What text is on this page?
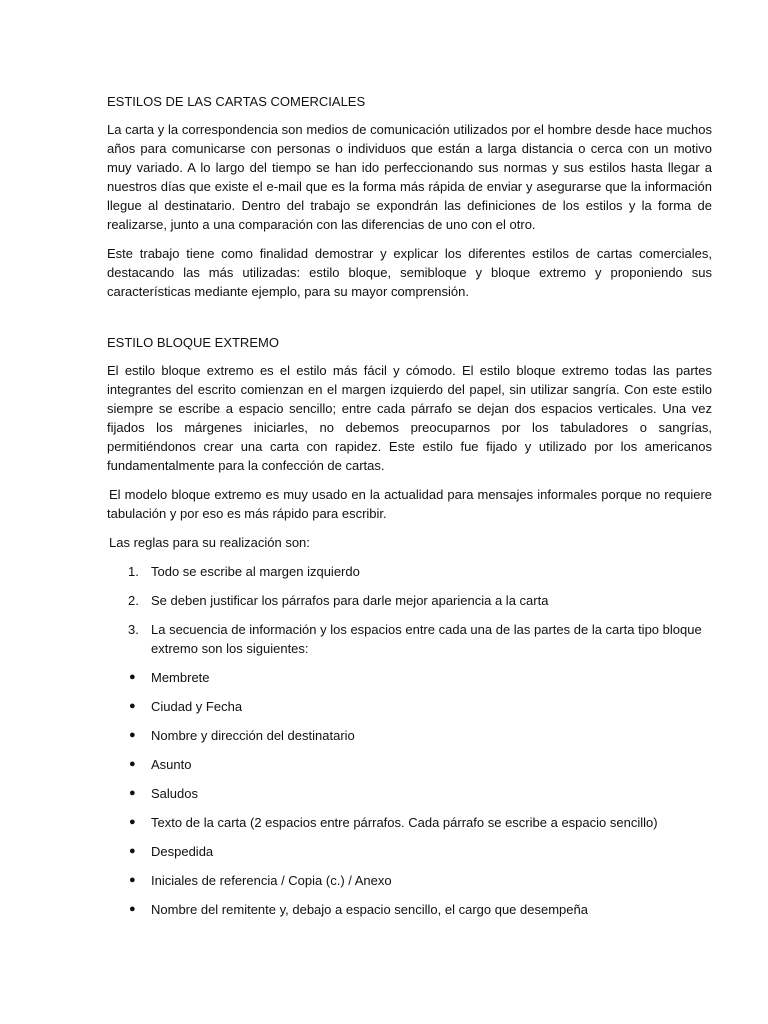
ESTILOS DE LAS CARTAS COMERCIALES

La carta y la correspondencia son medios de comunicación utilizados por el hombre desde hace muchos años para comunicarse con personas o individuos que están a larga distancia o cerca con un motivo muy variado. A lo largo del tiempo se han ido perfeccionando sus normas y sus estilos hasta llegar a nuestros días que existe el e-mail que es la forma más rápida de enviar y asegurarse que la información llegue al destinatario. Dentro del trabajo se expondrán las definiciones de los estilos y la forma de realizarse, junto a una comparación con las diferencias de uno con el otro.

Este trabajo tiene como finalidad demostrar y explicar los diferentes estilos de cartas comerciales, destacando las más utilizadas: estilo bloque, semibloque y bloque extremo y proponiendo sus características mediante ejemplo, para su mayor comprensión.

ESTILO BLOQUE EXTREMO

El estilo bloque extremo es el estilo más fácil y cómodo. El estilo bloque extremo todas las partes integrantes del escrito comienzan en el margen izquierdo del papel, sin utilizar sangría. Con este estilo siempre se escribe a espacio sencillo; entre cada párrafo se dejan dos espacios verticales. Una vez fijados los márgenes iniciarles, no debemos preocuparnos por los tabuladores o sangrías, permitiéndonos crear una carta con rapidez. Este estilo fue fijado y utilizado por los americanos fundamentalmente para la confección de cartas.

El modelo bloque extremo es muy usado en la actualidad para mensajes informales porque no requiere tabulación y por eso es más rápido para escribir.

Las reglas para su realización son:

1. Todo se escribe al margen izquierdo
2. Se deben justificar los párrafos para darle mejor apariencia a la carta
3. La secuencia de información y los espacios entre cada una de las partes de la carta tipo bloque extremo son los siguientes:
● Membrete
● Ciudad y Fecha
● Nombre y dirección del destinatario
● Asunto
● Saludos
● Texto de la carta (2 espacios entre párrafos. Cada párrafo se escribe a espacio sencillo)
● Despedida
● Iniciales de referencia / Copia (c.) / Anexo
● Nombre del remitente y, debajo a espacio sencillo, el cargo que desempeña
